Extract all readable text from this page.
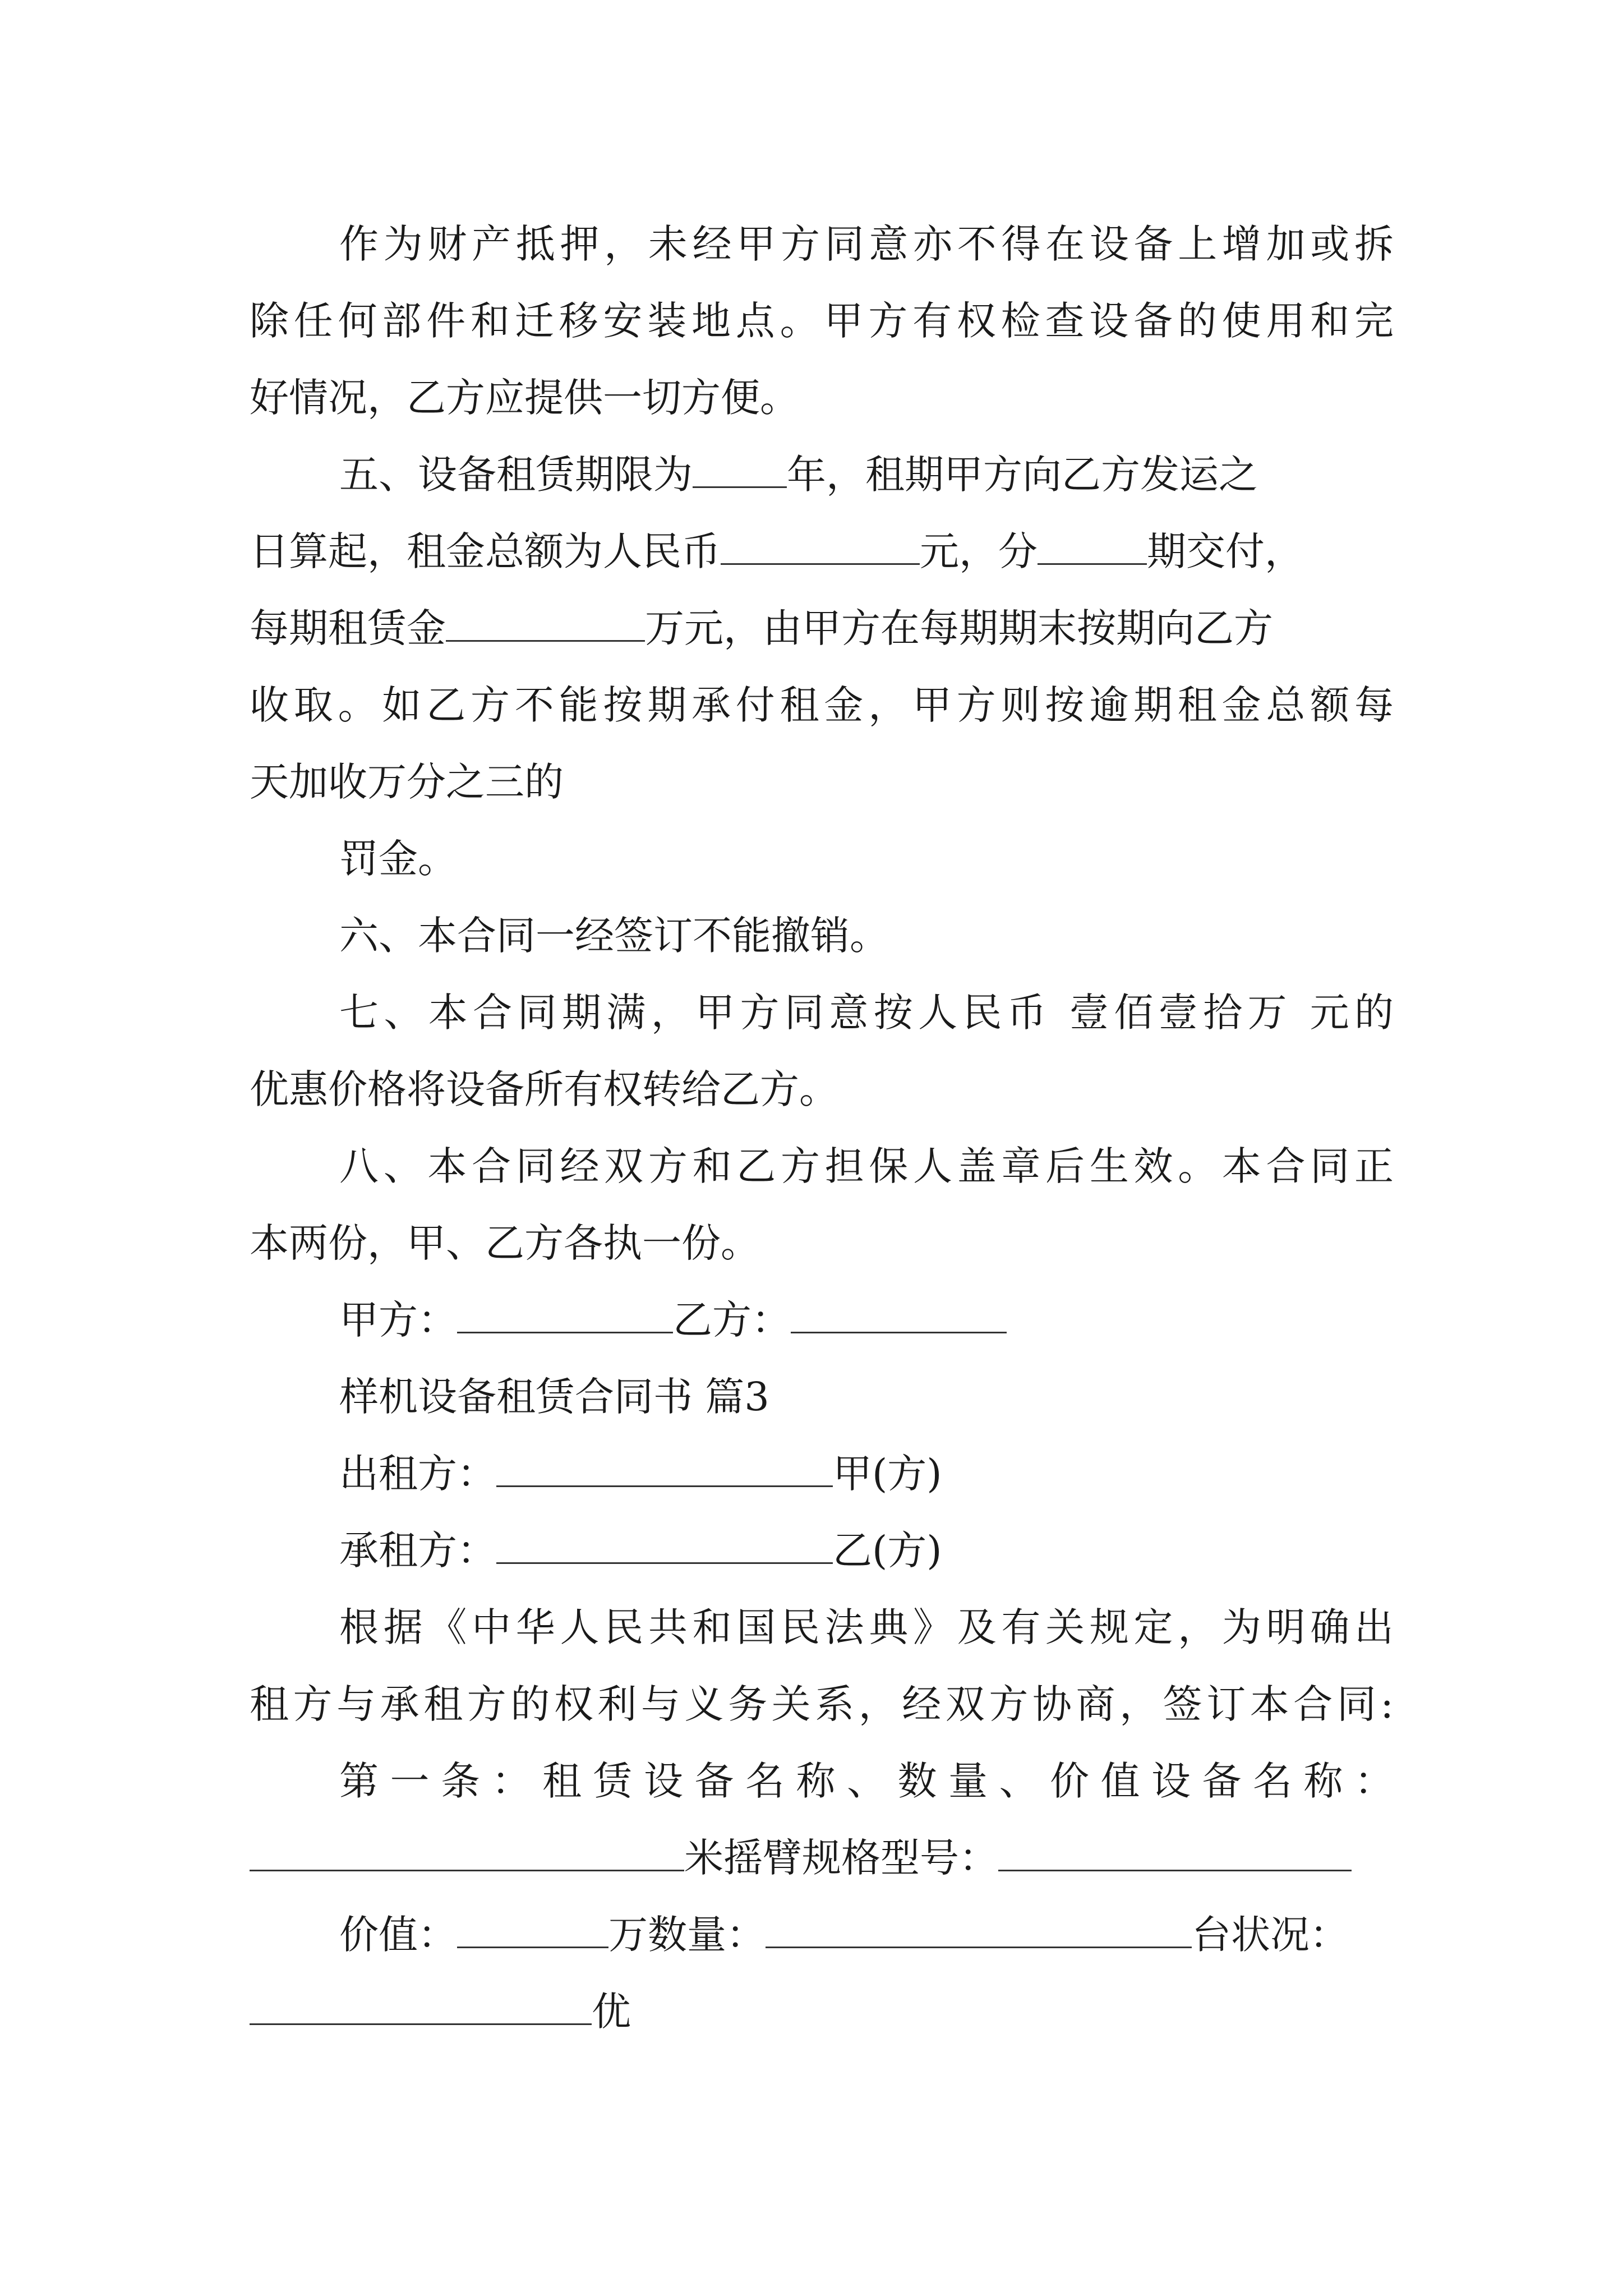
作为财产抵押，未经甲方同意亦不得在设备上增加或拆
除任何部件和迁移安装地点。甲方有权检查设备的使用和完
好情况，乙方应提供一切方便。
五、设备租赁期限为 年，租期甲方向乙方发运之
日算起，租金总额为人民币	元，分	期交付，
每期租赁金	万元，由甲方在每期期末按期向乙方
收取。如乙方不能按期承付租金，甲方则按逾期租金总额每
天加收万分之三的
罚金。
六、本合同一经签订不能撤销。
七、本合同期满，甲方同意按人民币 壹佰壹拾万 元的
优惠价格将设备所有权转给乙方。
八、本合同经双方和乙方担保人盖章后生效。本合同正
本两份，甲、乙方各执一份。
甲方：	乙方：
样机设备租赁合同书 篇3
出租方：	甲(方)
承租方：	乙(方)
根据《中华人民共和国民法典》及有关规定，为明确出
租方与承租方的权利与义务关系，经双方协商，签订本合同:
第一条：租赁设备名称、数量、价值设备名称：
米摇臂规格型号：
价值：	万数量：	台状况：
优
